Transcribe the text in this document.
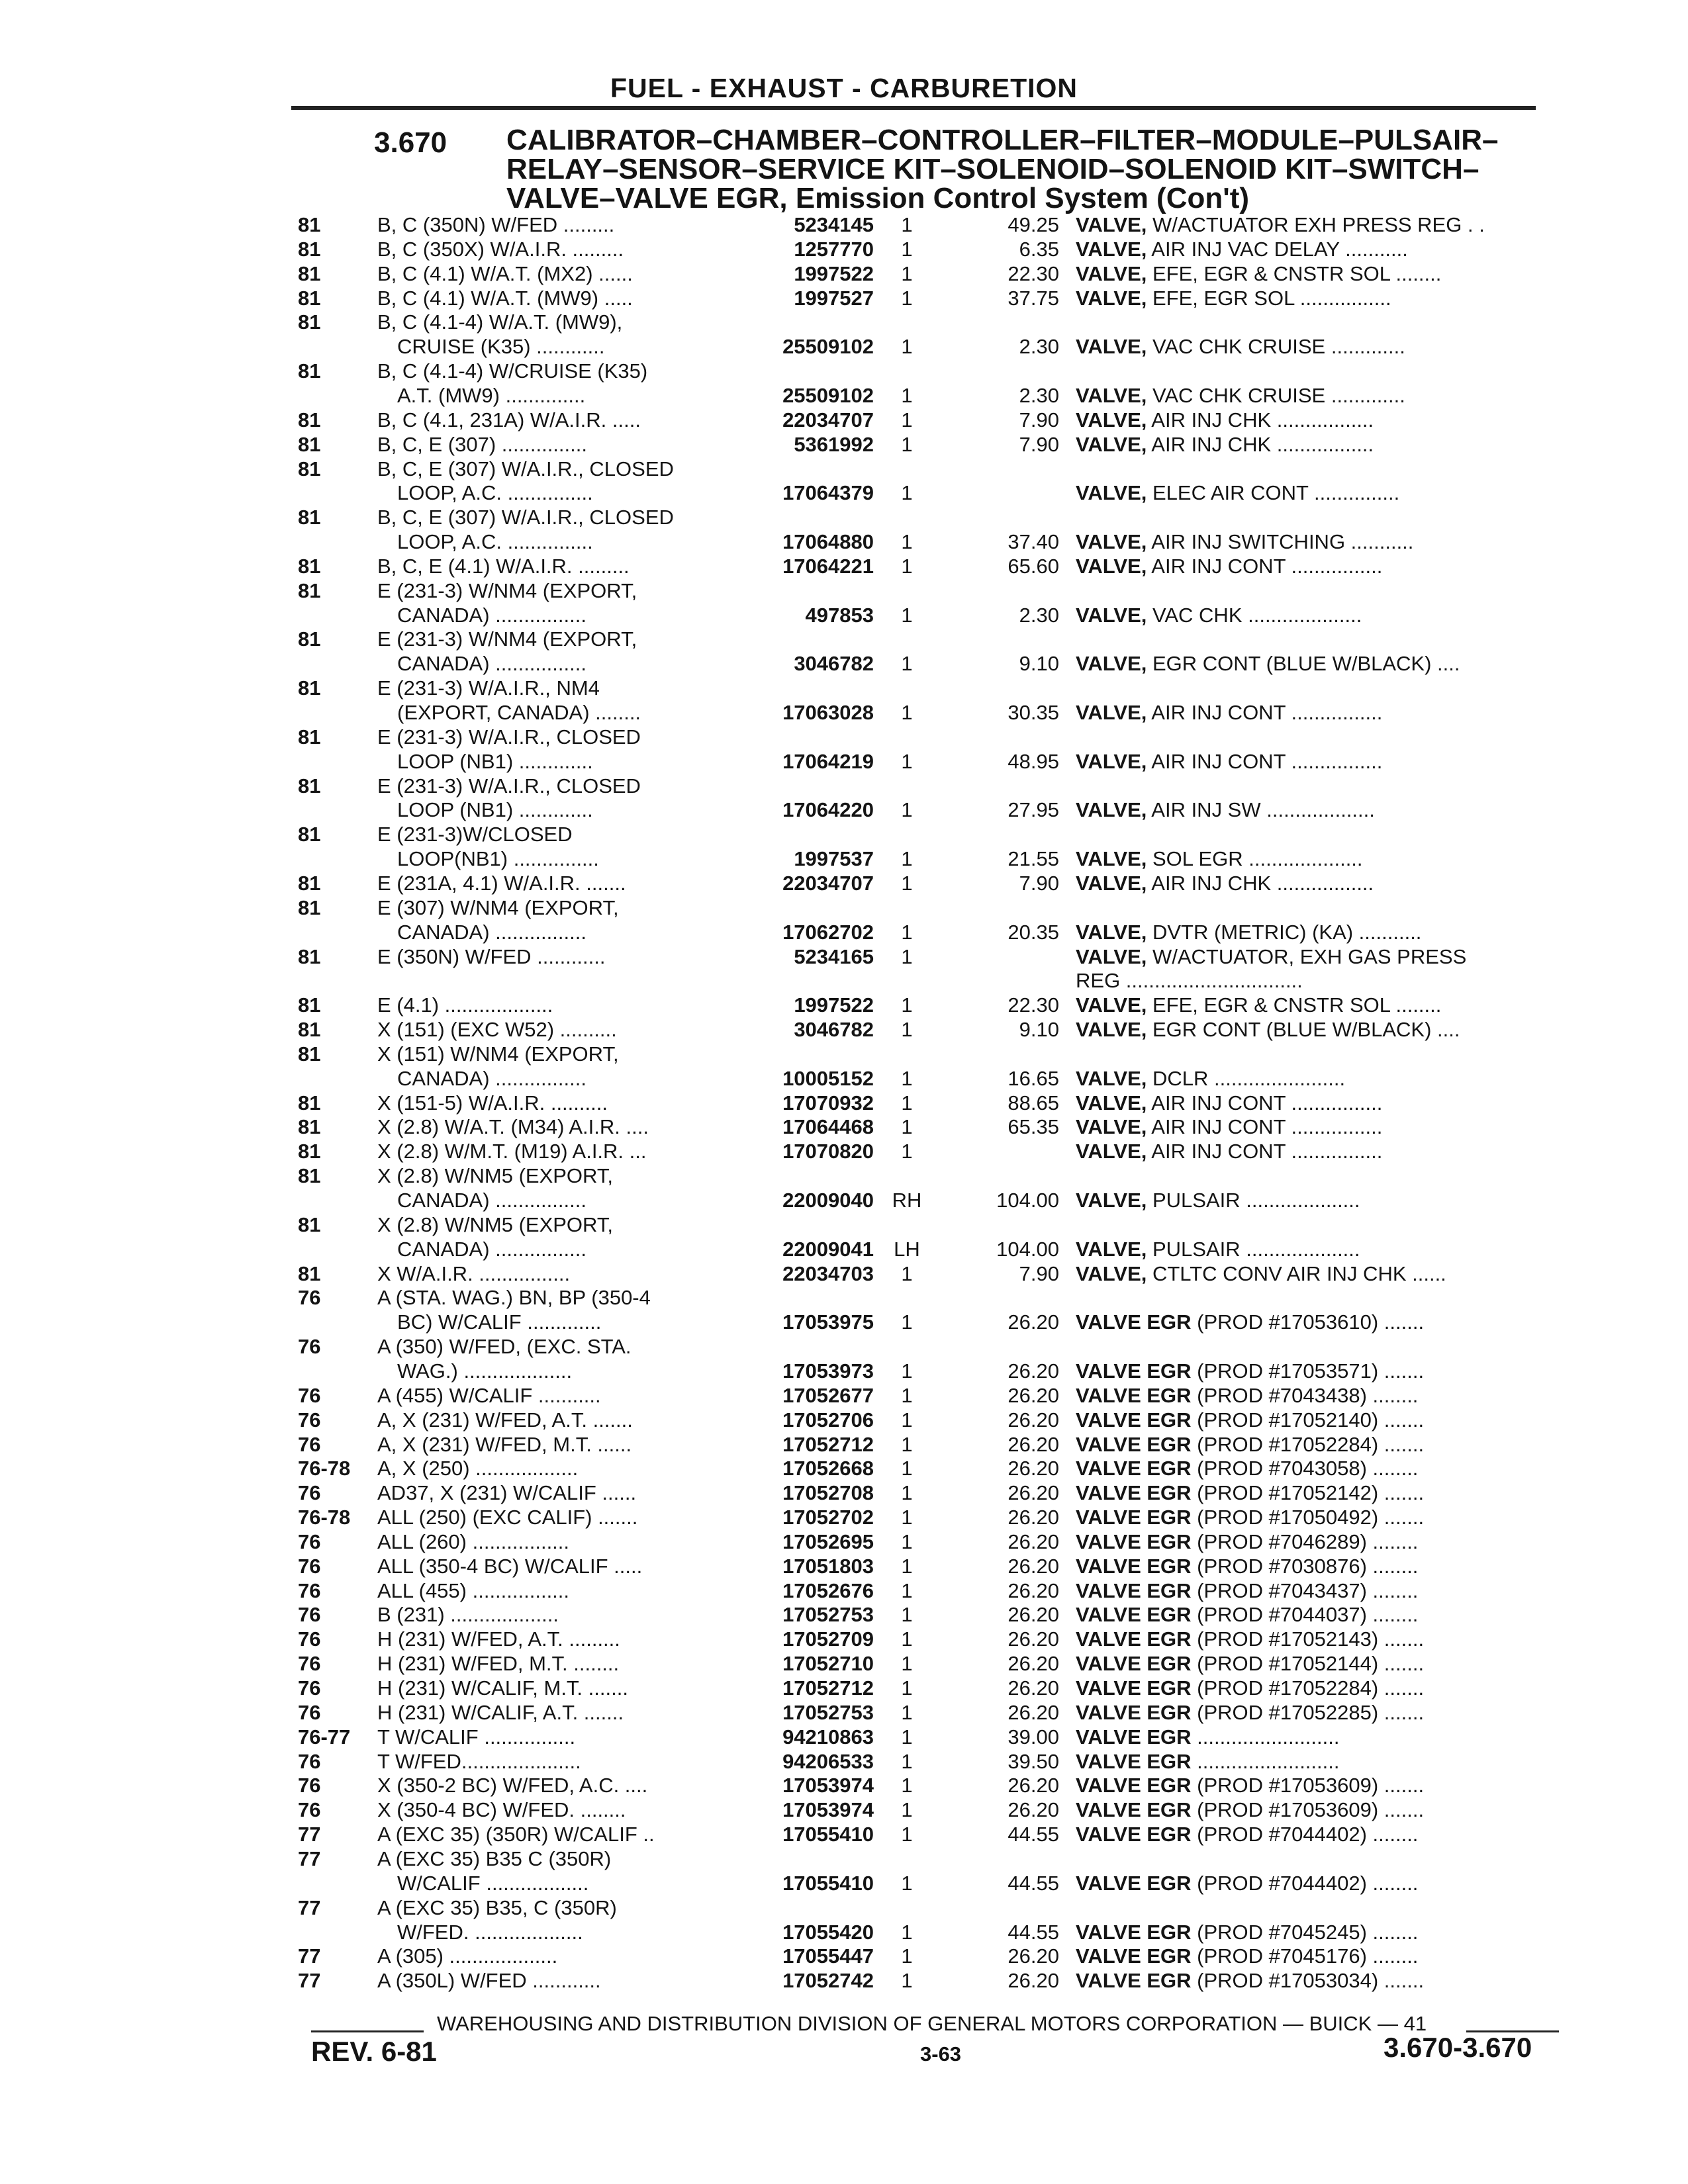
FUEL - EXHAUST - CARBURETION
3.670	CALIBRATOR–CHAMBER–CONTROLLER–FILTER–MODULE–PULSAIR–
RELAY–SENSOR–SERVICE KIT–SOLENOID–SOLENOID KIT–SWITCH–
VALVE–VALVE EGR, Emission Control System (Con't)
81	B, C (350N) W/FED .........	5234145	1	49.25 VALVE, W/ACTUATOR EXH PRESS REG . .
81	B, C (350X) W/A.I.R. .........	1257770	1	6.35 VALVE, AIR INJ VAC DELAY ...........
81	B, C (4.1) W/A.T. (MX2) ......	1997522	1	22.30 VALVE, EFE, EGR & CNSTR SOL ........
81	B, C (4.1) W/A.T. (MW9) .....	1997527	1	37.75 VALVE, EFE, EGR SOL ................
81	B, C (4.1-4) W/A.T. (MW9),
CRUISE (K35) ............	25509102	1	2.30 VALVE, VAC CHK CRUISE .............
81	B, C (4.1-4) W/CRUISE (K35)
A.T. (MW9) ..............	25509102	1	2.30 VALVE, VAC CHK CRUISE .............
81	B, C (4.1, 231A) W/A.I.R. .....	22034707	1	7.90 VALVE, AIR INJ CHK .................
81	B, C, E (307) ...............	5361992	1	7.90 VALVE, AIR INJ CHK .................
81	B, C, E (307) W/A.I.R., CLOSED
LOOP, A.C. ...............	17064379	1	VALVE, ELEC AIR CONT ...............
81	B, C, E (307) W/A.I.R., CLOSED
LOOP, A.C. ...............	17064880	1	37.40 VALVE, AIR INJ SWITCHING ...........
81	B, C, E (4.1) W/A.I.R. .........	17064221	1	65.60 VALVE, AIR INJ CONT ................
81	E (231-3) W/NM4 (EXPORT,
CANADA) ................	497853	1	2.30 VALVE, VAC CHK ....................
81	E (231-3) W/NM4 (EXPORT,
CANADA) ................	3046782	1	9.10 VALVE, EGR CONT (BLUE W/BLACK) ....
81	E (231-3) W/A.I.R., NM4
(EXPORT, CANADA) ........	17063028	1	30.35 VALVE, AIR INJ CONT ................
81	E (231-3) W/A.I.R., CLOSED
LOOP (NB1) .............	17064219	1	48.95 VALVE, AIR INJ CONT ................
81	E (231-3) W/A.I.R., CLOSED
LOOP (NB1) .............	17064220	1	27.95 VALVE, AIR INJ SW ...................
81	E (231-3)W/CLOSED
LOOP(NB1) ...............	1997537	1	21.55 VALVE, SOL EGR ....................
81	E (231A, 4.1) W/A.I.R. .......	22034707	1	7.90 VALVE, AIR INJ CHK .................
81	E (307) W/NM4 (EXPORT,
CANADA) ................	17062702	1	20.35 VALVE, DVTR (METRIC) (KA) ...........
81	E (350N) W/FED ............	5234165	1	VALVE, W/ACTUATOR, EXH GAS PRESS
REG ...............................
81	E (4.1) ...................	1997522	1	22.30 VALVE, EFE, EGR & CNSTR SOL ........
81	X (151) (EXC W52) ..........	3046782	1	9.10 VALVE, EGR CONT (BLUE W/BLACK) ....
81	X (151) W/NM4 (EXPORT,
CANADA) ................	10005152	1	16.65 VALVE, DCLR .......................
81	X (151-5) W/A.I.R. ..........	17070932	1	88.65 VALVE, AIR INJ CONT ................
81	X (2.8) W/A.T. (M34) A.I.R. ....	17064468	1	65.35 VALVE, AIR INJ CONT ................
81	X (2.8) W/M.T. (M19) A.I.R. ...	17070820	1	VALVE, AIR INJ CONT ................
81	X (2.8) W/NM5 (EXPORT,
CANADA) ................	22009040 RH	104.00 VALVE, PULSAIR ....................
81	X (2.8) W/NM5 (EXPORT,
CANADA) ................	22009041 LH	104.00 VALVE, PULSAIR ....................
81	X W/A.I.R. ................	22034703	1	7.90 VALVE, CTLTC CONV AIR INJ CHK ......
76	A (STA. WAG.) BN, BP (350-4
BC) W/CALIF .............	17053975	1	26.20 VALVE EGR (PROD #17053610) .......
76	A (350) W/FED, (EXC. STA.
WAG.) ...................	17053973	1	26.20 VALVE EGR (PROD #17053571) .......
76	A (455) W/CALIF ...........	17052677	1	26.20 VALVE EGR (PROD #7043438) ........
76	A, X (231) W/FED, A.T. .......	17052706	1	26.20 VALVE EGR (PROD #17052140) .......
76	A, X (231) W/FED, M.T. ......	17052712	1	26.20 VALVE EGR (PROD #17052284) .......
76-78 A, X (250) ..................	17052668	1	26.20 VALVE EGR (PROD #7043058) ........
76	AD37, X (231) W/CALIF ......	17052708	1	26.20 VALVE EGR (PROD #17052142) .......
76-78 ALL (250) (EXC CALIF) .......	17052702	1	26.20 VALVE EGR (PROD #17050492) .......
76	ALL (260) .................	17052695	1	26.20 VALVE EGR (PROD #7046289) ........
76	ALL (350-4 BC) W/CALIF .....	17051803	1	26.20 VALVE EGR (PROD #7030876) ........
76	ALL (455) .................	17052676	1	26.20 VALVE EGR (PROD #7043437) ........
76	B (231) ...................	17052753	1	26.20 VALVE EGR (PROD #7044037) ........
76	H (231) W/FED, A.T. .........	17052709	1	26.20 VALVE EGR (PROD #17052143) .......
76	H (231) W/FED, M.T. ........	17052710	1	26.20 VALVE EGR (PROD #17052144) .......
76	H (231) W/CALIF, M.T. .......	17052712	1	26.20 VALVE EGR (PROD #17052284) .......
76	H (231) W/CALIF, A.T. .......	17052753	1	26.20 VALVE EGR (PROD #17052285) .......
76-77 T W/CALIF ................	94210863	1	39.00 VALVE EGR .........................
76	T W/FED.....................	94206533	1	39.50 VALVE EGR .........................
76	X (350-2 BC) W/FED, A.C. ....	17053974	1	26.20 VALVE EGR (PROD #17053609) .......
76	X (350-4 BC) W/FED. ........	17053974	1	26.20 VALVE EGR (PROD #17053609) .......
77	A (EXC 35) (350R) W/CALIF ..	17055410	1	44.55 VALVE EGR (PROD #7044402) ........
77	A (EXC 35) B35 C (350R)
W/CALIF ..................	17055410	1	44.55 VALVE EGR (PROD #7044402) ........
77	A (EXC 35) B35, C (350R)
W/FED. ...................	17055420	1	44.55 VALVE EGR (PROD #7045245) ........
77	A (305) ...................	17055447	1	26.20 VALVE EGR (PROD #7045176) ........
77	A (350L) W/FED ............	17052742	1	26.20 VALVE EGR (PROD #17053034) .......
WAREHOUSING AND DISTRIBUTION DIVISION OF GENERAL MOTORS CORPORATION — BUICK — 41
REV. 6-81	3-63	3.670-3.670
